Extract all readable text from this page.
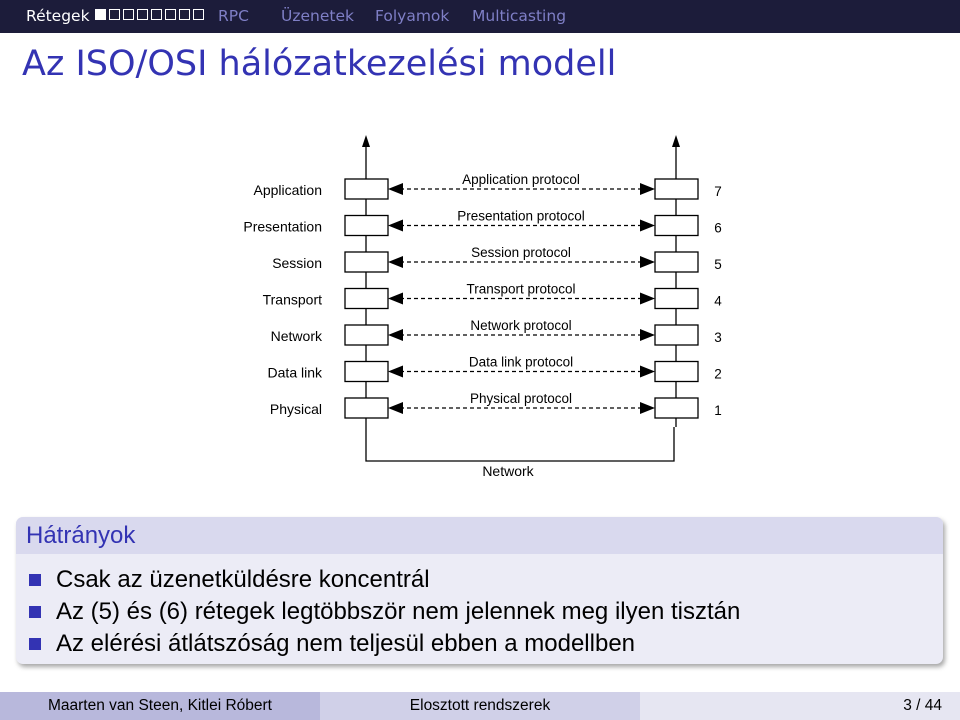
Rétegek	RPC Üzenetek Folyamok Multicasting
Az ISO/OSI hálózatkezelési modell
Application protocol
Presentation protocol
Session protocol
Transport protocol
Network protocol
Data link protocol
Physical protocol
Application
Presentation
Session
Transport
Network
Data link
Physical
7
6
5
4
3
2
1
Network
Hátrányok
Csak az üzenetküldésre koncentrál
Az (5) és (6) rétegek legtöbbször nem jelennek meg ilyen tisztán
Az elérési átlátszóság nem teljesül ebben a modellben
Maarten van Steen, Kitlei Róbert	Elosztott rendszerek	3 / 44
